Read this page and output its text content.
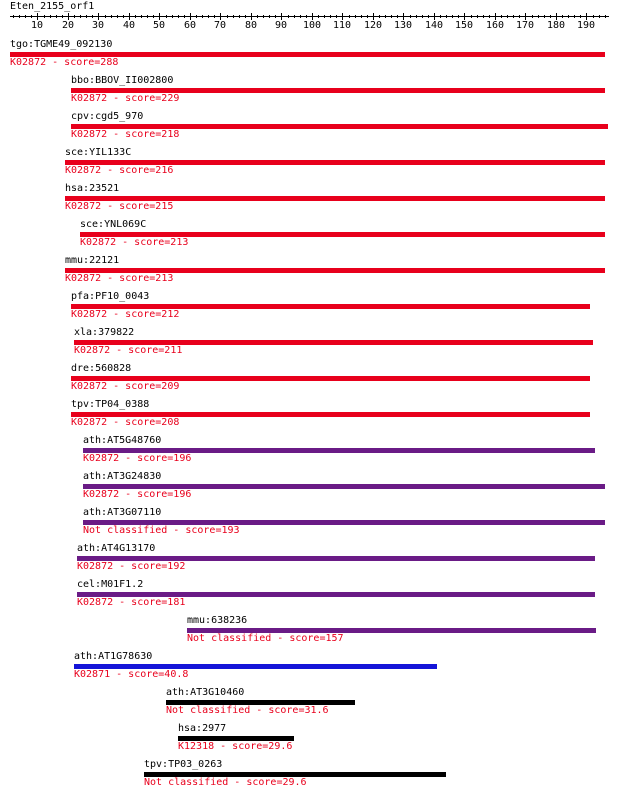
Eten_2155_orf1
10 20 30 40 50 60 70 80 90 100 110 120 130 140 150 160 170 180 190
tgo:TGME49_092130
K02872 - score=288
bbo:BBOV_II002800
K02872 - score=229
cpv:cgd5_970
K02872 - score=218
sce:YIL133C
K02872 - score=216
hsa:23521
K02872 - score=215
sce:YNL069C
K02872 - score=213
mmu:22121
K02872 - score=213
pfa:PF10_0043
K02872 - score=212
xla:379822
K02872 - score=211
dre:560828
K02872 - score=209
tpv:TP04_0388
K02872 - score=208
ath:AT5G48760
K02872 - score=196
ath:AT3G24830
K02872 - score=196
ath:AT3G07110
Not classified - score=193
ath:AT4G13170
K02872 - score=192
cel:M01F1.2
K02872 - score=181
mmu:638236
Not classified - score=157
ath:AT1G78630
K02871 - score=40.8
ath:AT3G10460
Not classified - score=31.6
hsa:2977
K12318 - score=29.6
tpv:TP03_0263
Not classified - score=29.6
